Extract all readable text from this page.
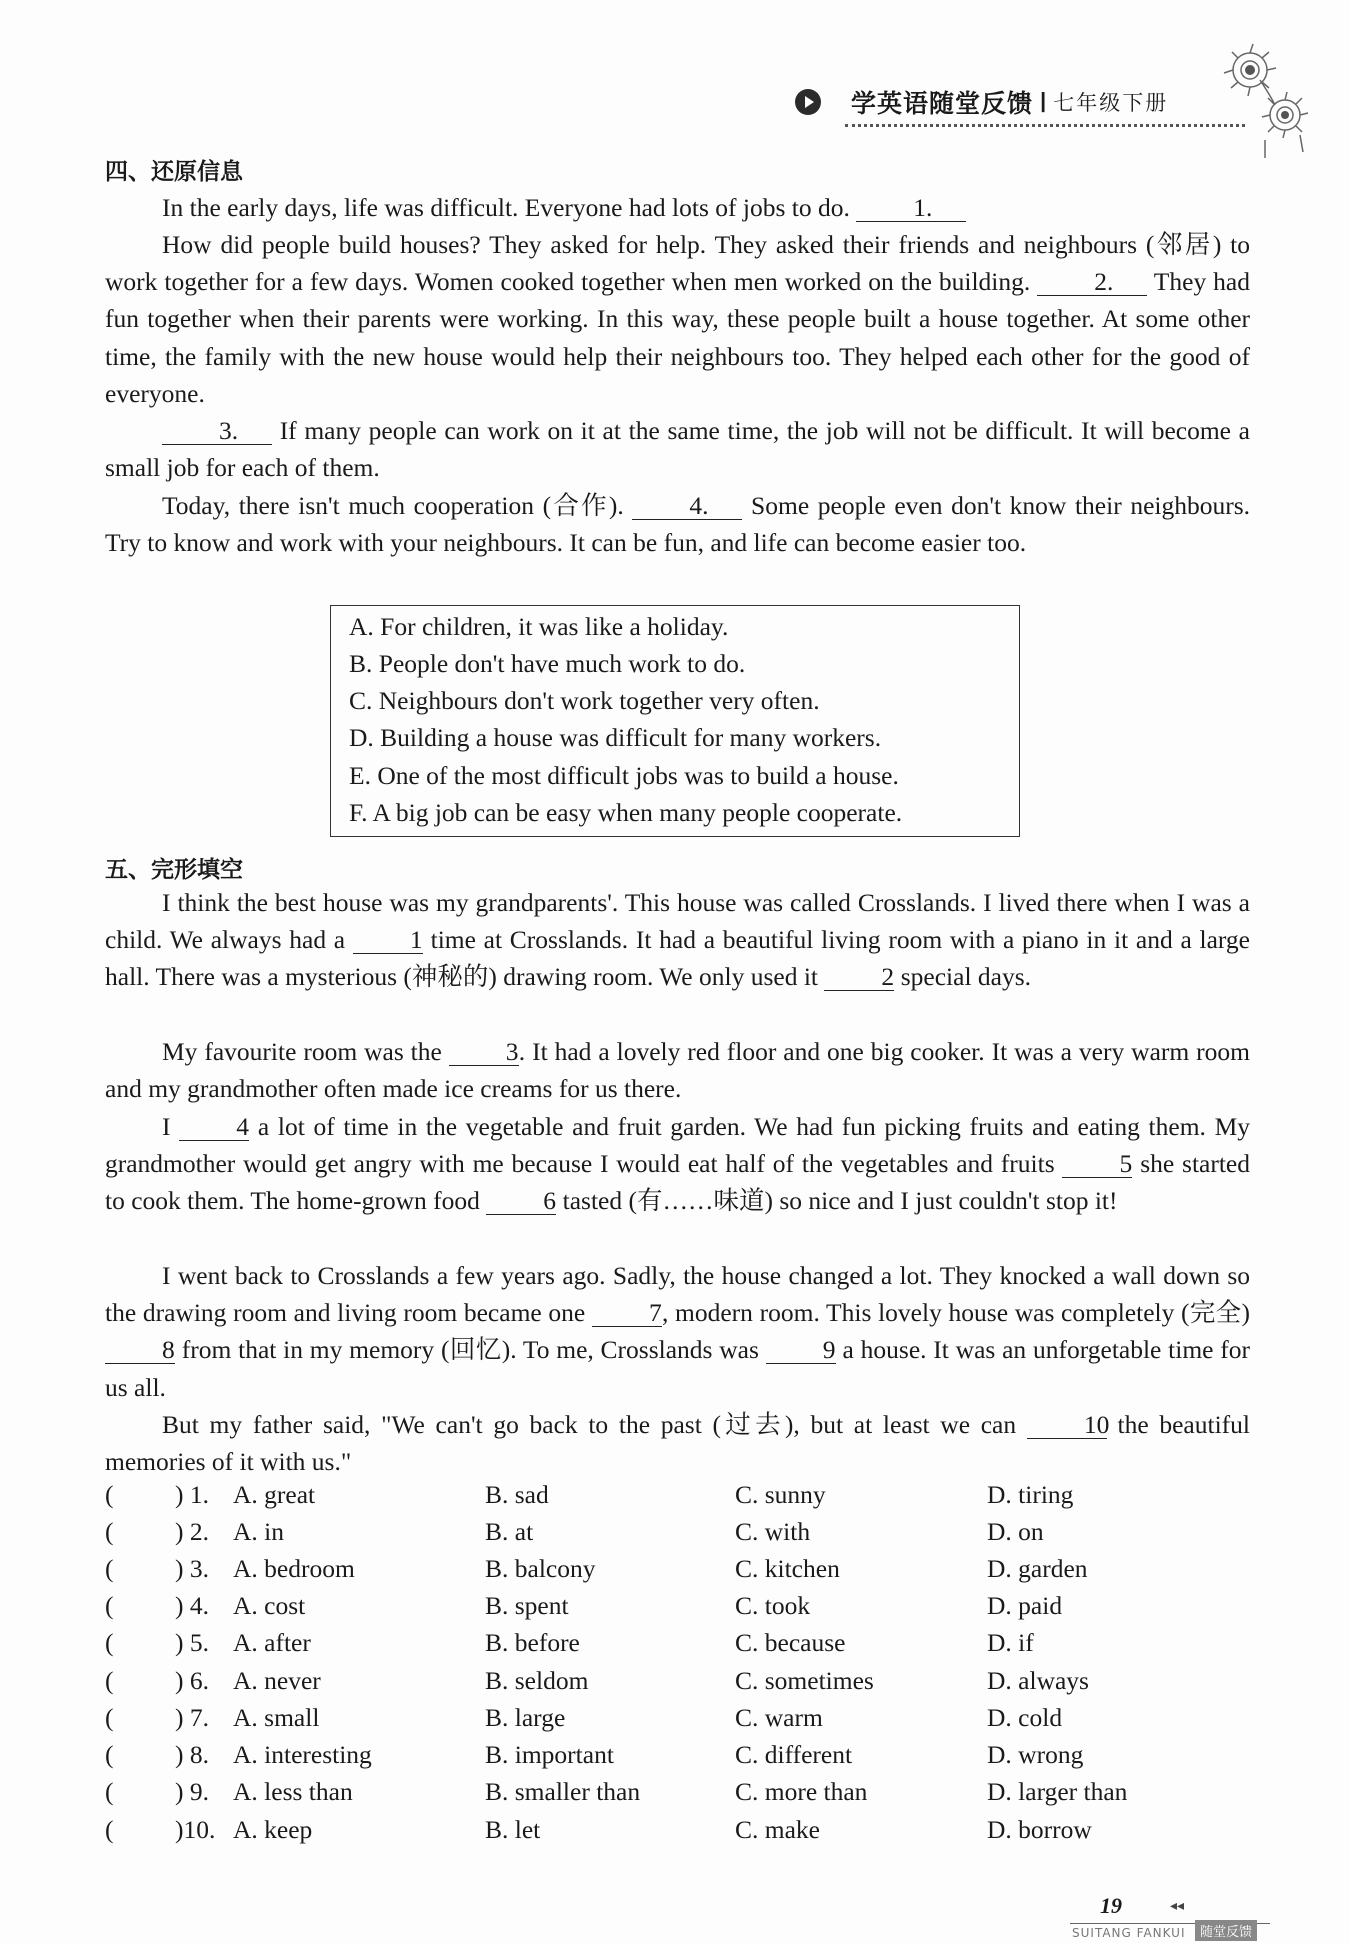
学英语随堂反馈 I 七年级下册
四、还原信息
In the early days, life was difficult. Everyone had lots of jobs to do. 1.
How did people build houses? They asked for help. They asked their friends and neighbours (邻居) to work together for a few days. Women cooked together when men worked on the building.	2. They had fun together when their parents were working. In this way, these people built a house together. At some other time, the family with the new house would help their neighbours too. They helped each other for the good of everyone.
3. If many people can work on it at the same time, the job will not be difficult. It will become a small job for each of them.
Today, there isn't much cooperation (合作).	4. Some people even don't know their neighbours. Try to know and work with your neighbours. It can be fun, and life can become easier too.
A. For children, it was like a holiday.
B. People don't have much work to do.
C. Neighbours don't work together very often.
D. Building a house was difficult for many workers.
E. One of the most difficult jobs was to build a house.
F. A big job can be easy when many people cooperate.
五、完形填空
I think the best house was my grandparents'. This house was called Crosslands. I lived there when I was a child. We always had a	1 time at Crosslands. It had a beautiful living room with a piano in it and a large hall. There was a mysterious (神秘的) drawing room. We only used it 2 special days.
My favourite room was the	3. It had a lovely red floor and one big cooker. It was a very warm room and my grandmother often made ice creams for us there.
I	4 a lot of time in the vegetable and fruit garden. We had fun picking fruits and eating them. My grandmother would get angry with me because I would eat half of the vegetables and fruits	5 she started to cook them. The home-grown food 6 tasted (有……味道) so nice and I just couldn't stop it!
I went back to Crosslands a few years ago. Sadly, the house changed a lot. They knocked a wall down so the drawing room and living room became one 7, modern room. This lovely house was completely (完全) 8 from that in my memory (回忆). To me, Crosslands was	9 a house. It was an unforgetable time for us all.
But my father said, "We can't go back to the past (过去), but at least we can	10 the beautiful memories of it with us."
( ) 1. A. great	B. sad	C. sunny	D. tiring
( ) 2. A. in	B. at	C. with	D. on
( ) 3. A. bedroom	B. balcony	C. kitchen	D. garden
( ) 4. A. cost	B. spent	C. took	D. paid
( ) 5. A. after	B. before	C. because	D. if
( ) 6. A. never	B. seldom	C. sometimes	D. always
( ) 7. A. small	B. large	C. warm	D. cold
( ) 8. A. interesting	B. important	C. different	D. wrong
( ) 9. A. less than	B. smaller than	C. more than	D. larger than
( )10. A. keep	B. let	C. make	D. borrow
19	◂◂
SUITANG FANKUI	随堂反馈
